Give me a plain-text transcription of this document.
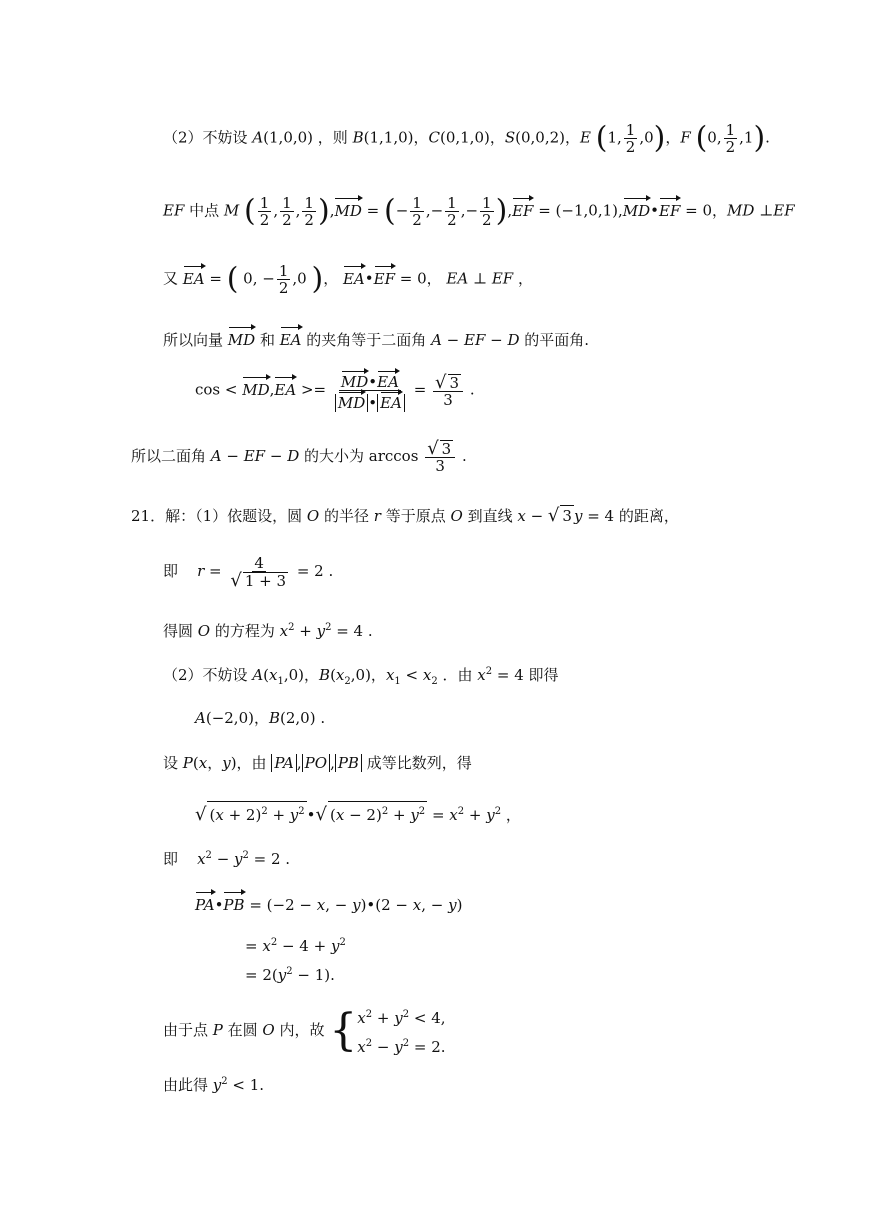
（2）不妨设 A(1,0,0) ，则 B(1,1,0)，C(0,1,0)，S(0,0,2)，E (1, $\frac{1}{2} ,0$)，F (0, $\frac{1}{2} ,1$).
EF 中点 M ( $\frac{1}{2}$ , $\frac{1}{2}$ , $\frac{1}{2} ),MD$ = (− $\frac{1}{2}$ ,− $\frac{1}{2}$ ,− $\frac{1}{2} ),EF$ = (−1,0,1),MD•EF = 0，MD ⊥EF
又 EA = ( 0, − $\frac{1}{2} ,0$ )， EA•EF = 0， EA ⊥ EF ，
所以向量 MD 和 EA 的夹角等于二面角 A − EF − D 的平面角.
$\cos < MD,EA >= \frac{MD•EA}{MD • EA} = \frac{√ 3}{3}$ .
所以二面角 A − EF − D 的大小为 $\arccos \frac{√ 3}{3}$ .
21．解：（1）依题设，圆 O 的半径 r 等于原点 O 到直线 x − √ 3 y = 4 的距离，
即    $r = \frac{4}{√ 1 + 3} = 2$ .
得圆 O 的方程为 $x^2 + y^2 = 4$ .
（2）不妨设 $A(x_1,0)$，$B(x_2,0)$，$x_1 < x_2$ ．由 $x^2 = 4$ 即得
A(−2,0)，B(2,0) .
设 P(x，y)，由 PA , PO , PB 成等比数列，得
√ $(x + 2)^2 + y^2$ •√ $(x - 2)^2 + y^2 = x^2 + y^2$ ，
即    $x^2 - y^2 = 2$ .
PA•PB = (−2 − x, − y)•(2 − x, − y)
= $x^2 - 4 + y^2$
= $2(y^2 - 1)$.
由于点 P 在圆 O 内，故 { $x^2 + y^2 < 4$,
$x^2 - y^2 = 2$.
由此得 $y^2 < 1$.
